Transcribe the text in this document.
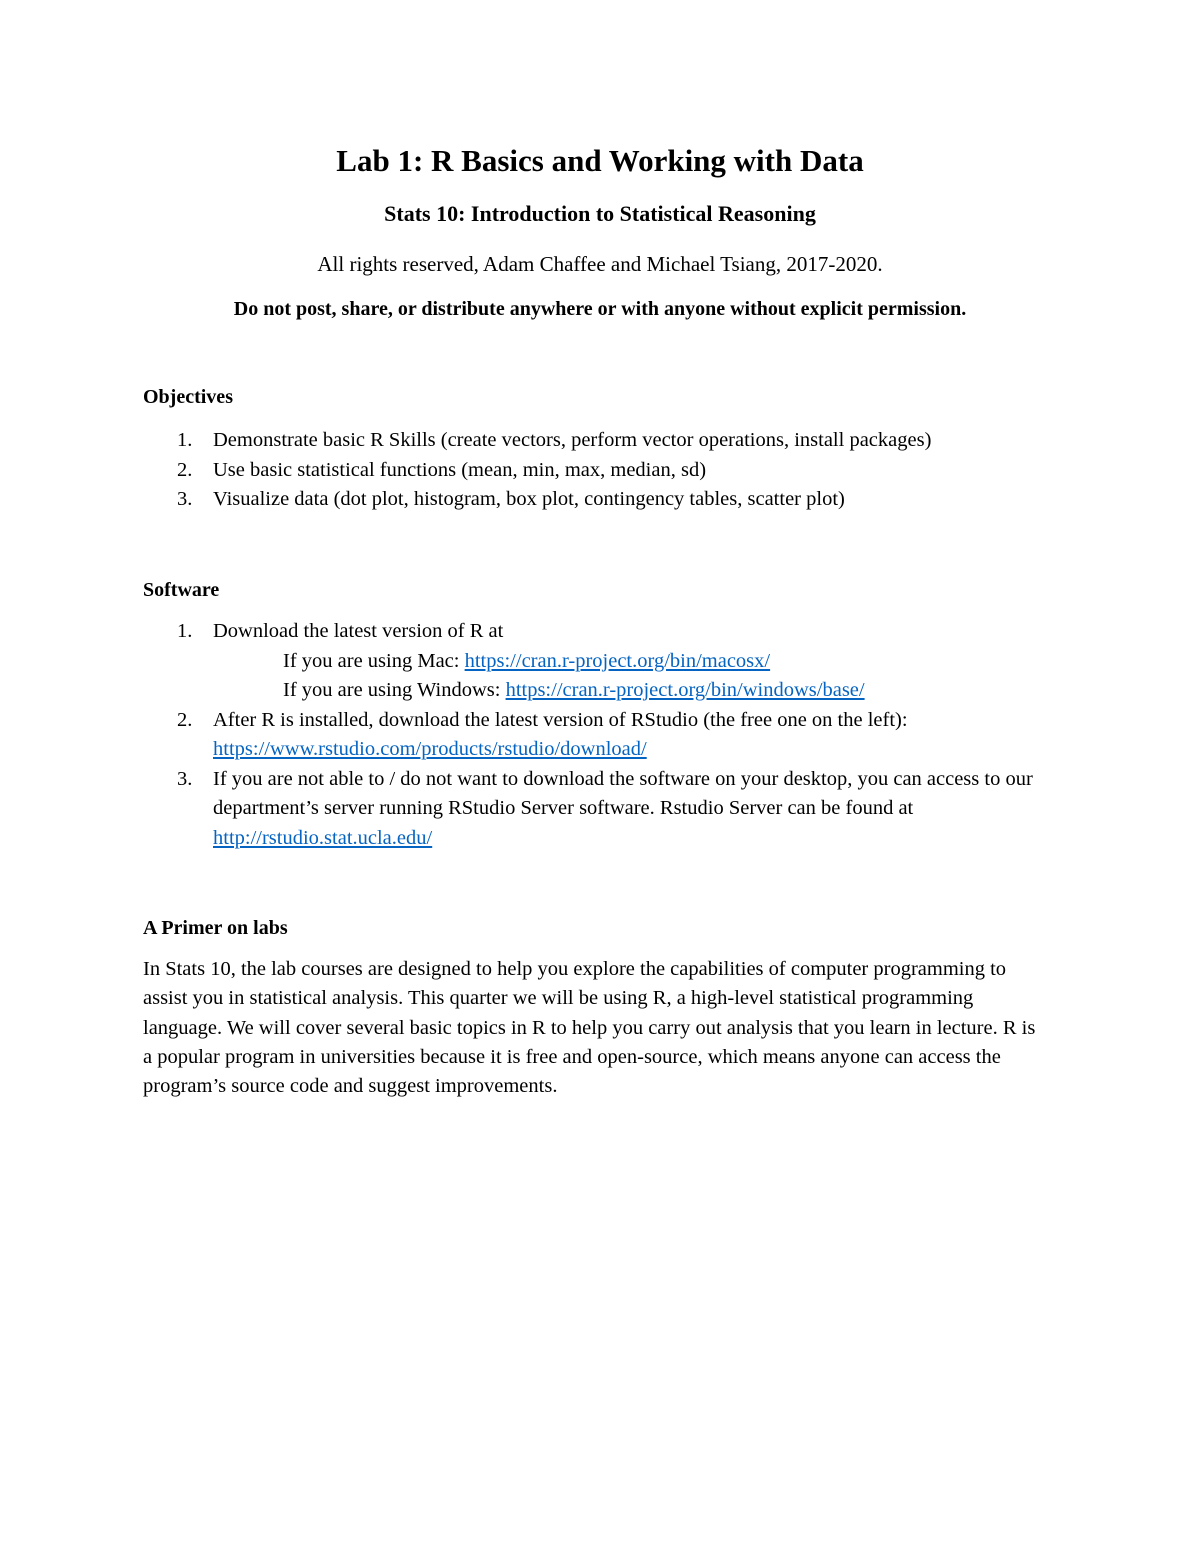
Lab 1: R Basics and Working with Data

Stats 10: Introduction to Statistical Reasoning

All rights reserved, Adam Chaffee and Michael Tsiang, 2017-2020.

Do not post, share, or distribute anywhere or with anyone without explicit permission.

Objectives
1. Demonstrate basic R Skills (create vectors, perform vector operations, install packages)
2. Use basic statistical functions (mean, min, max, median, sd)
3. Visualize data (dot plot, histogram, box plot, contingency tables, scatter plot)
Software
1. Download the latest version of R at
If you are using Mac: https://cran.r-project.org/bin/macosx/
If you are using Windows: https://cran.r-project.org/bin/windows/base/
2. After R is installed, download the latest version of RStudio (the free one on the left):
https://www.rstudio.com/products/rstudio/download/
3. If you are not able to / do not want to download the software on your desktop, you can access to our department’s server running RStudio Server software. Rstudio Server can be found at http://rstudio.stat.ucla.edu/
A Primer on labs

In Stats 10, the lab courses are designed to help you explore the capabilities of computer programming to assist you in statistical analysis. This quarter we will be using R, a high-level statistical programming language. We will cover several basic topics in R to help you carry out analysis that you learn in lecture. R is a popular program in universities because it is free and open-source, which means anyone can access the program’s source code and suggest improvements.
